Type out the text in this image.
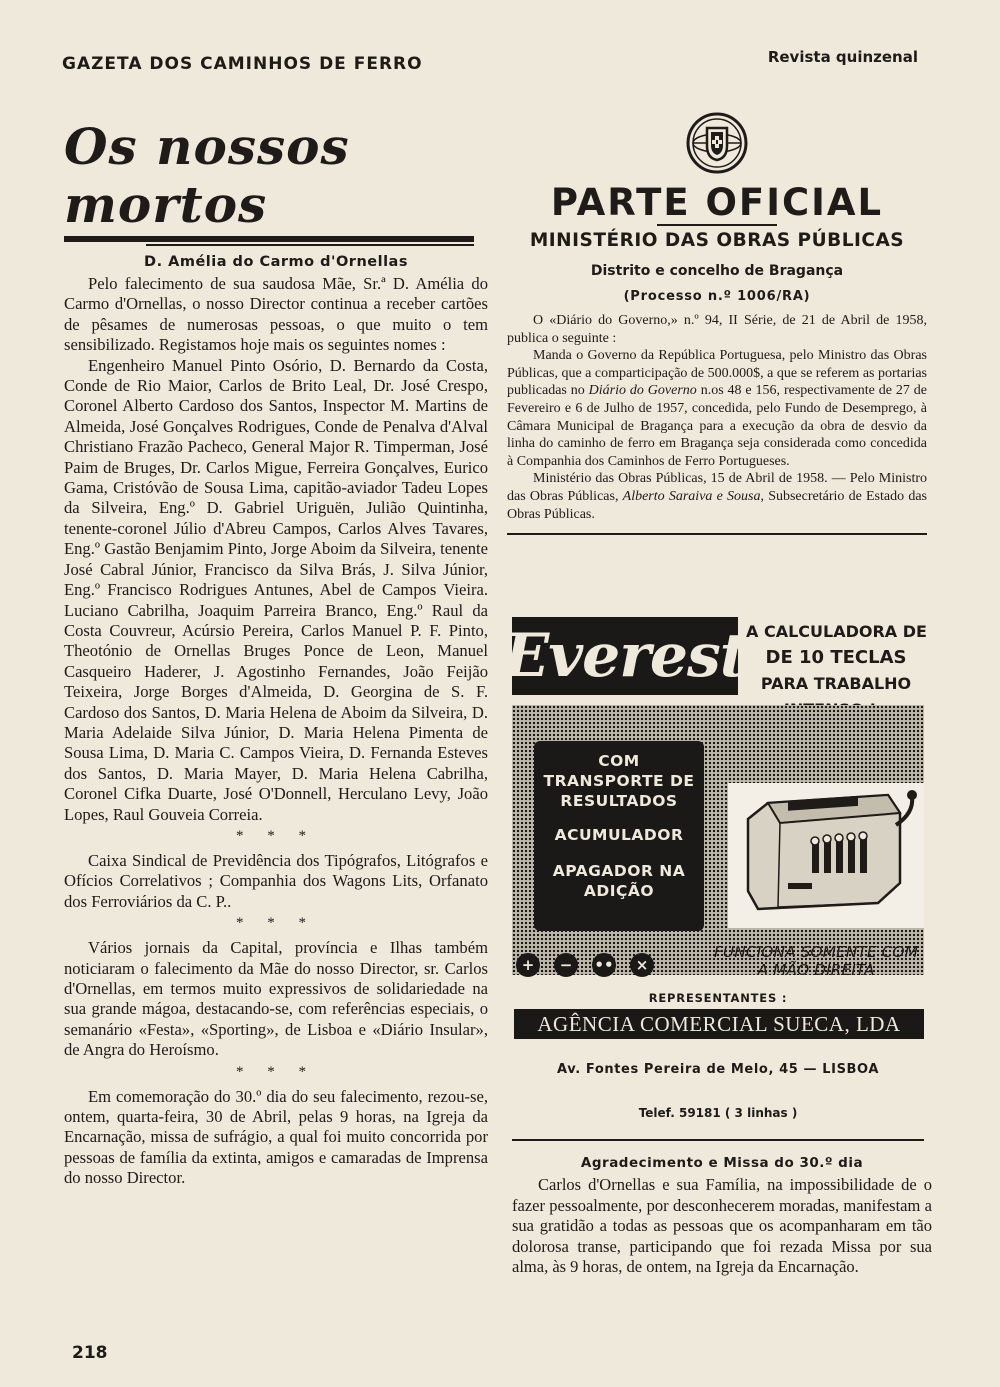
GAZETA DOS CAMINHOS DE FERRO	Revista quinzenal
Os nossos mortos
D. Amélia do Carmo d'Ornellas

Pelo falecimento de sua saudosa Mãe, Sr.ª D. Amélia do Carmo d'Ornellas, o nosso Director continua a receber cartões de pêsames de numerosas pessoas, o que muito o tem sensibilizado. Registamos hoje mais os seguintes nomes :

Engenheiro Manuel Pinto Osório, D. Bernardo da Costa, Conde de Rio Maior, Carlos de Brito Leal, Dr. José Crespo, Coronel Alberto Cardoso dos Santos, Inspector M. Martins de Almeida, José Gonçalves Rodrigues, Conde de Penalva d'Alval Christiano Frazão Pacheco, General Major R. Timperman, José Paim de Bruges, Dr. Carlos Migue, Ferreira Gonçalves, Eurico Gama, Cristóvão de Sousa Lima, capitão-aviador Tadeu Lopes da Silveira, Eng.º D. Gabriel Uriguën, Julião Quintinha, tenente-coronel Júlio d'Abreu Campos, Carlos Alves Tavares, Eng.º Gastão Benjamim Pinto, Jorge Aboim da Silveira, tenente José Cabral Júnior, Francisco da Silva Brás, J. Silva Júnior, Eng.º Francisco Rodrigues Antunes, Abel de Campos Vieira. Luciano Cabrilha, Joaquim Parreira Branco, Eng.º Raul da Costa Couvreur, Acúrsio Pereira, Carlos Manuel P. F. Pinto, Theotónio de Ornellas Bruges Ponce de Leon, Manuel Casqueiro Haderer, J. Agostinho Fernandes, João Feijão Teixeira, Jorge Borges d'Almeida, D. Georgina de S. F. Cardoso dos Santos, D. Maria Helena de Aboim da Silveira, D. Maria Adelaide Silva Júnior, D. Maria Helena Pimenta de Sousa Lima, D. Maria C. Campos Vieira, D. Fernanda Esteves dos Santos, D. Maria Mayer, D. Maria Helena Cabrilha, Coronel Cifka Duarte, José O'Donnell, Herculano Levy, João Lopes, Raul Gouveia Correia.

* * *

Caixa Sindical de Previdência dos Tipógrafos, Litógrafos e Ofícios Correlativos ; Companhia dos Wagons Lits, Orfanato dos Ferroviários da C. P..

* * *

Vários jornais da Capital, província e Ilhas também noticiaram o falecimento da Mãe do nosso Director, sr. Carlos d'Ornellas, em termos muito expressivos de solidariedade na sua grande mágoa, destacando-se, com referências especiais, o semanário «Festa», «Sporting», de Lisboa e «Diário Insular», de Angra do Heroísmo.

* * *

Em comemoração do 30.º dia do seu falecimento, rezou-se, ontem, quarta-feira, 30 de Abril, pelas 9 horas, na Igreja da Encarnação, missa de sufrágio, a qual foi muito concorrida por pessoas de família da extinta, amigos e camaradas de Imprensa do nosso Director.

218
PARTE OFICIAL
MINISTÉRIO DAS OBRAS PÚBLICAS
Distrito e concelho de Bragança
(Processo n.º 1006/RA)

O «Diário do Governo,» n.º 94, II Série, de 21 de Abril de 1958, publica o seguinte :

Manda o Governo da República Portuguesa, pelo Ministro das Obras Públicas, que a comparticipação de 500.000$, a que se referem as portarias publicadas no Diário do Governo n.os 48 e 156, respectivamente de 27 de Fevereiro e 6 de Julho de 1957, concedida, pelo Fundo de Desemprego, à Câmara Municipal de Bragança para a execução da obra de desvio da linha do caminho de ferro em Bragança seja considerada como concedida à Companhia dos Caminhos de Ferro Portugueses.

Ministério das Obras Públicas, 15 de Abril de 1958. — Pelo Ministro das Obras Públicas, Alberto Saraiva e Sousa, Subsecretário de Estado das Obras Públicas.

Everest A CALCULADORA DE
DE 10 TECLAS
PARA TRABALHO
COM TRANSPORTE DE RESULTADOS
ACUMULADOR
APAGADOR NA ADIÇÃO
+ − •• ×
FUNCIONA SÒMENTE COM A MÃO DIREITA
REPRESENTANTES :
AGÊNCIA COMERCIAL SUECA, LDA
Av. Fontes Pereira de Melo, 45 — LISBOA
Telef. 59181 ( 3 linhas )
Agradecimento e Missa do 30.º dia

Carlos d'Ornellas e sua Família, na impossibilidade de o fazer pessoalmente, por desconhecerem moradas, manifestam a sua gratidão a todas as pessoas que os acompanharam em tão dolorosa transe, participando que foi rezada Missa por sua alma, às 9 horas, de ontem, na Igreja da Encarnação.
